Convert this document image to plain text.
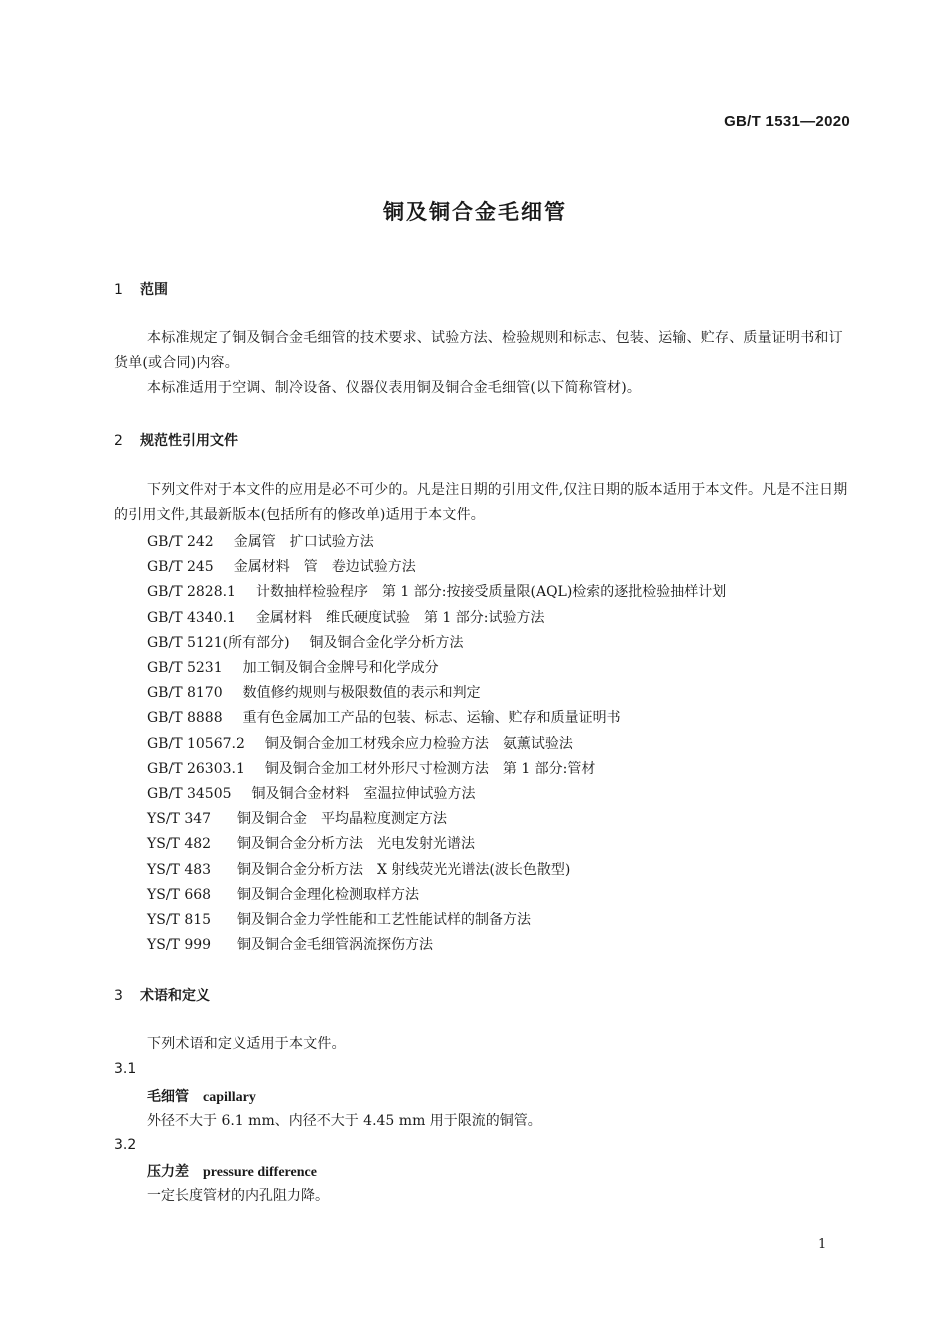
GB/T 1531—2020
铜及铜合金毛细管
1 范围
本标准规定了铜及铜合金毛细管的技术要求、试验方法、检验规则和标志、包装、运输、贮存、质量证明书和订货单(或合同)内容。
本标准适用于空调、制冷设备、仪器仪表用铜及铜合金毛细管(以下简称管材)。
2 规范性引用文件
下列文件对于本文件的应用是必不可少的。凡是注日期的引用文件,仅注日期的版本适用于本文件。凡是不注日期的引用文件,其最新版本(包括所有的修改单)适用于本文件。
GB/T 242 金属管　扩口试验方法
GB/T 245 金属材料　管　卷边试验方法
GB/T 2828.1 计数抽样检验程序　第 1 部分:按接受质量限(AQL)检索的逐批检验抽样计划
GB/T 4340.1 金属材料　维氏硬度试验　第 1 部分:试验方法
GB/T 5121(所有部分) 铜及铜合金化学分析方法
GB/T 5231 加工铜及铜合金牌号和化学成分
GB/T 8170 数值修约规则与极限数值的表示和判定
GB/T 8888 重有色金属加工产品的包装、标志、运输、贮存和质量证明书
GB/T 10567.2 铜及铜合金加工材残余应力检验方法　氨薰试验法
GB/T 26303.1 铜及铜合金加工材外形尺寸检测方法　第 1 部分:管材
GB/T 34505 铜及铜合金材料　室温拉伸试验方法
YS/T 347 铜及铜合金　平均晶粒度测定方法
YS/T 482 铜及铜合金分析方法　光电发射光谱法
YS/T 483 铜及铜合金分析方法　X 射线荧光光谱法(波长色散型)
YS/T 668 铜及铜合金理化检测取样方法
YS/T 815 铜及铜合金力学性能和工艺性能试样的制备方法
YS/T 999 铜及铜合金毛细管涡流探伤方法
3 术语和定义
下列术语和定义适用于本文件。
3.1
毛细管 capillary
外径不大于 6.1 mm、内径不大于 4.45 mm 用于限流的铜管。
3.2
压力差 pressure difference
一定长度管材的内孔阻力降。
1
